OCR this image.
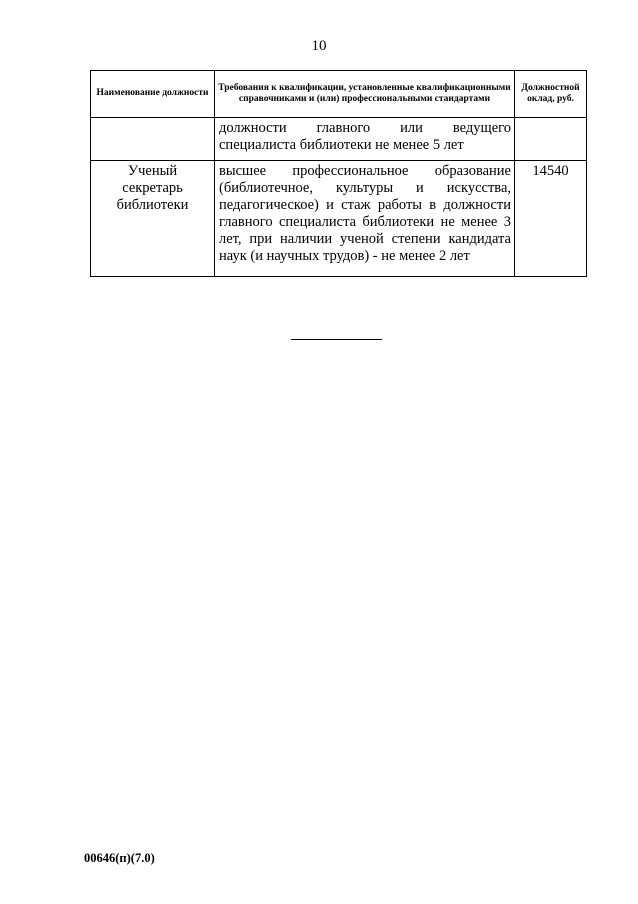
10
Наименование должности	Требования к квалификации, установленные квалификационными справочниками и (или) профессиональными стандартами	Должностной оклад, руб.

	должности главного или ведущего специалиста библиотеки не менее 5 лет	

Ученый секретарь библиотеки	высшее профессиональное образование (библиотечное, культуры и искусства, педагогическое) и стаж работы в должности главного специалиста библиотеки не менее 3 лет, при наличии ученой степени кандидата наук (и научных трудов) - не менее 2 лет	14540
00646(п)(7.0)
